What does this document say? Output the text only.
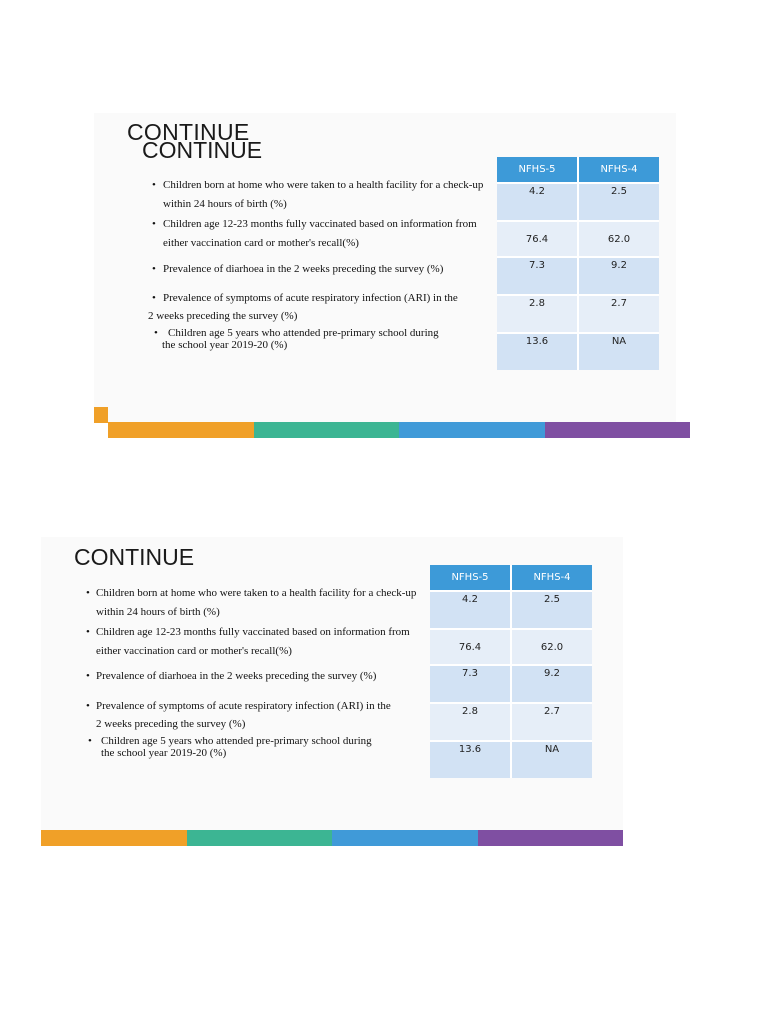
CONTINUE
CONTINUE
• Children born at home who were taken to a health facility for a check-up
within 24 hours of birth (%)
• Children age 12-23 months fully vaccinated based on information from
either vaccination card or mother's recall(%)
• Prevalence of diarhoea in the 2 weeks preceding the survey (%)
• Prevalence of symptoms of acute respiratory infection (ARI) in the
2 weeks preceding the survey (%)
• Children age 5 years who attended pre-primary school during
the school year 2019-20 (%)
NFHS-5	NFHS-4
4.2	2.5
76.4	62.0
7.3	9.2
2.8	2.7
13.6	NA
CONTINUE
• Children born at home who were taken to a health facility for a check-up
within 24 hours of birth (%)
• Children age 12-23 months fully vaccinated based on information from
either vaccination card or mother's recall(%)
• Prevalence of diarhoea in the 2 weeks preceding the survey (%)
• Prevalence of symptoms of acute respiratory infection (ARI) in the
2 weeks preceding the survey (%)
• Children age 5 years who attended pre-primary school during
the school year 2019-20 (%)
NFHS-5	NFHS-4
4.2	2.5
76.4	62.0
7.3	9.2
2.8	2.7
13.6	NA
